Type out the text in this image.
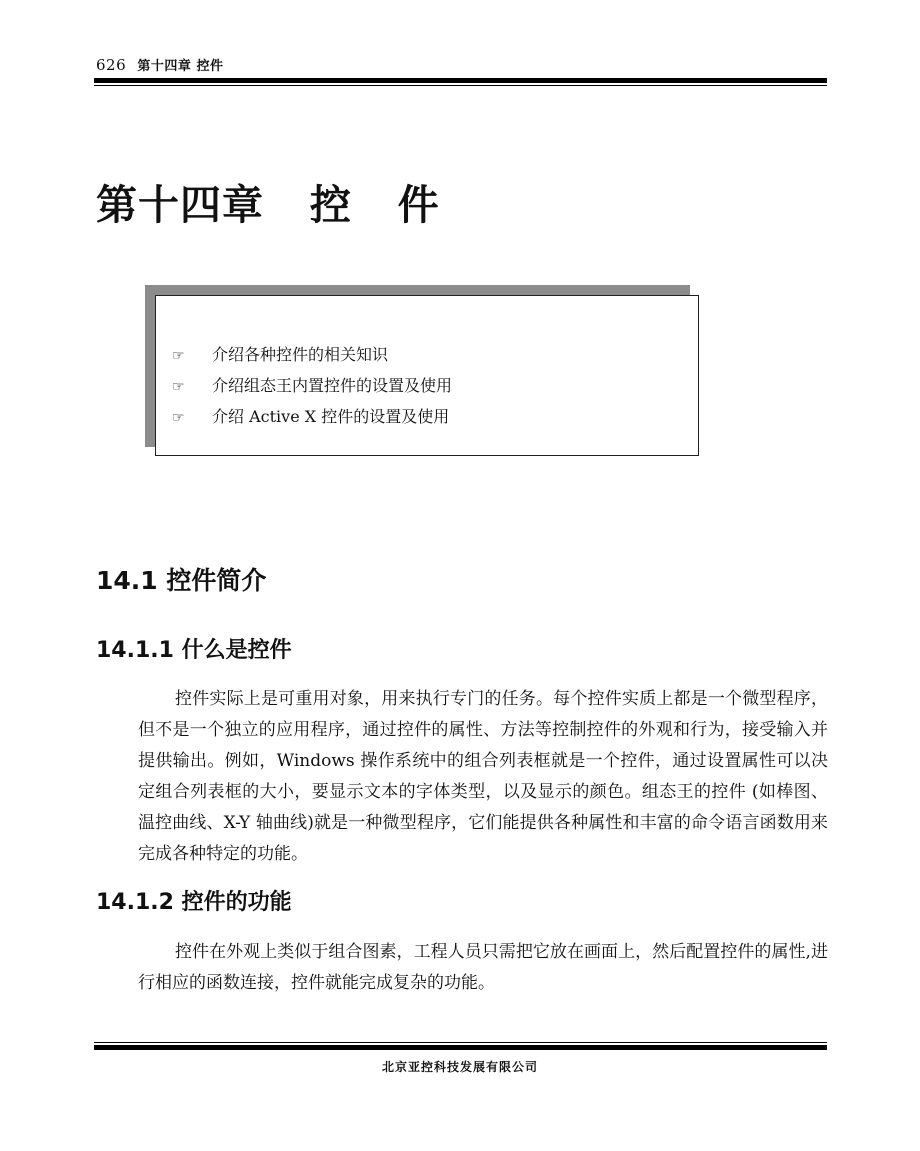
626 第十四章 控件
第十四章   控   件
☞ 介绍各种控件的相关知识
☞ 介绍组态王内置控件的设置及使用
☞ 介绍 Active X 控件的设置及使用
14.1 控件简介
14.1.1 什么是控件

控件实际上是可重用对象，用来执行专门的任务。每个控件实质上都是一个微型程序，但不是一个独立的应用程序，通过控件的属性、方法等控制控件的外观和行为，接受输入并提供输出。例如，Windows 操作系统中的组合列表框就是一个控件，通过设置属性可以决定组合列表框的大小，要显示文本的字体类型，以及显示的颜色。组态王的控件 (如棒图、温控曲线、X-Y 轴曲线)就是一种微型程序，它们能提供各种属性和丰富的命令语言函数用来完成各种特定的功能。

14.1.2 控件的功能

控件在外观上类似于组合图素，工程人员只需把它放在画面上，然后配置控件的属性,进行相应的函数连接，控件就能完成复杂的功能。

北京亚控科技发展有限公司
